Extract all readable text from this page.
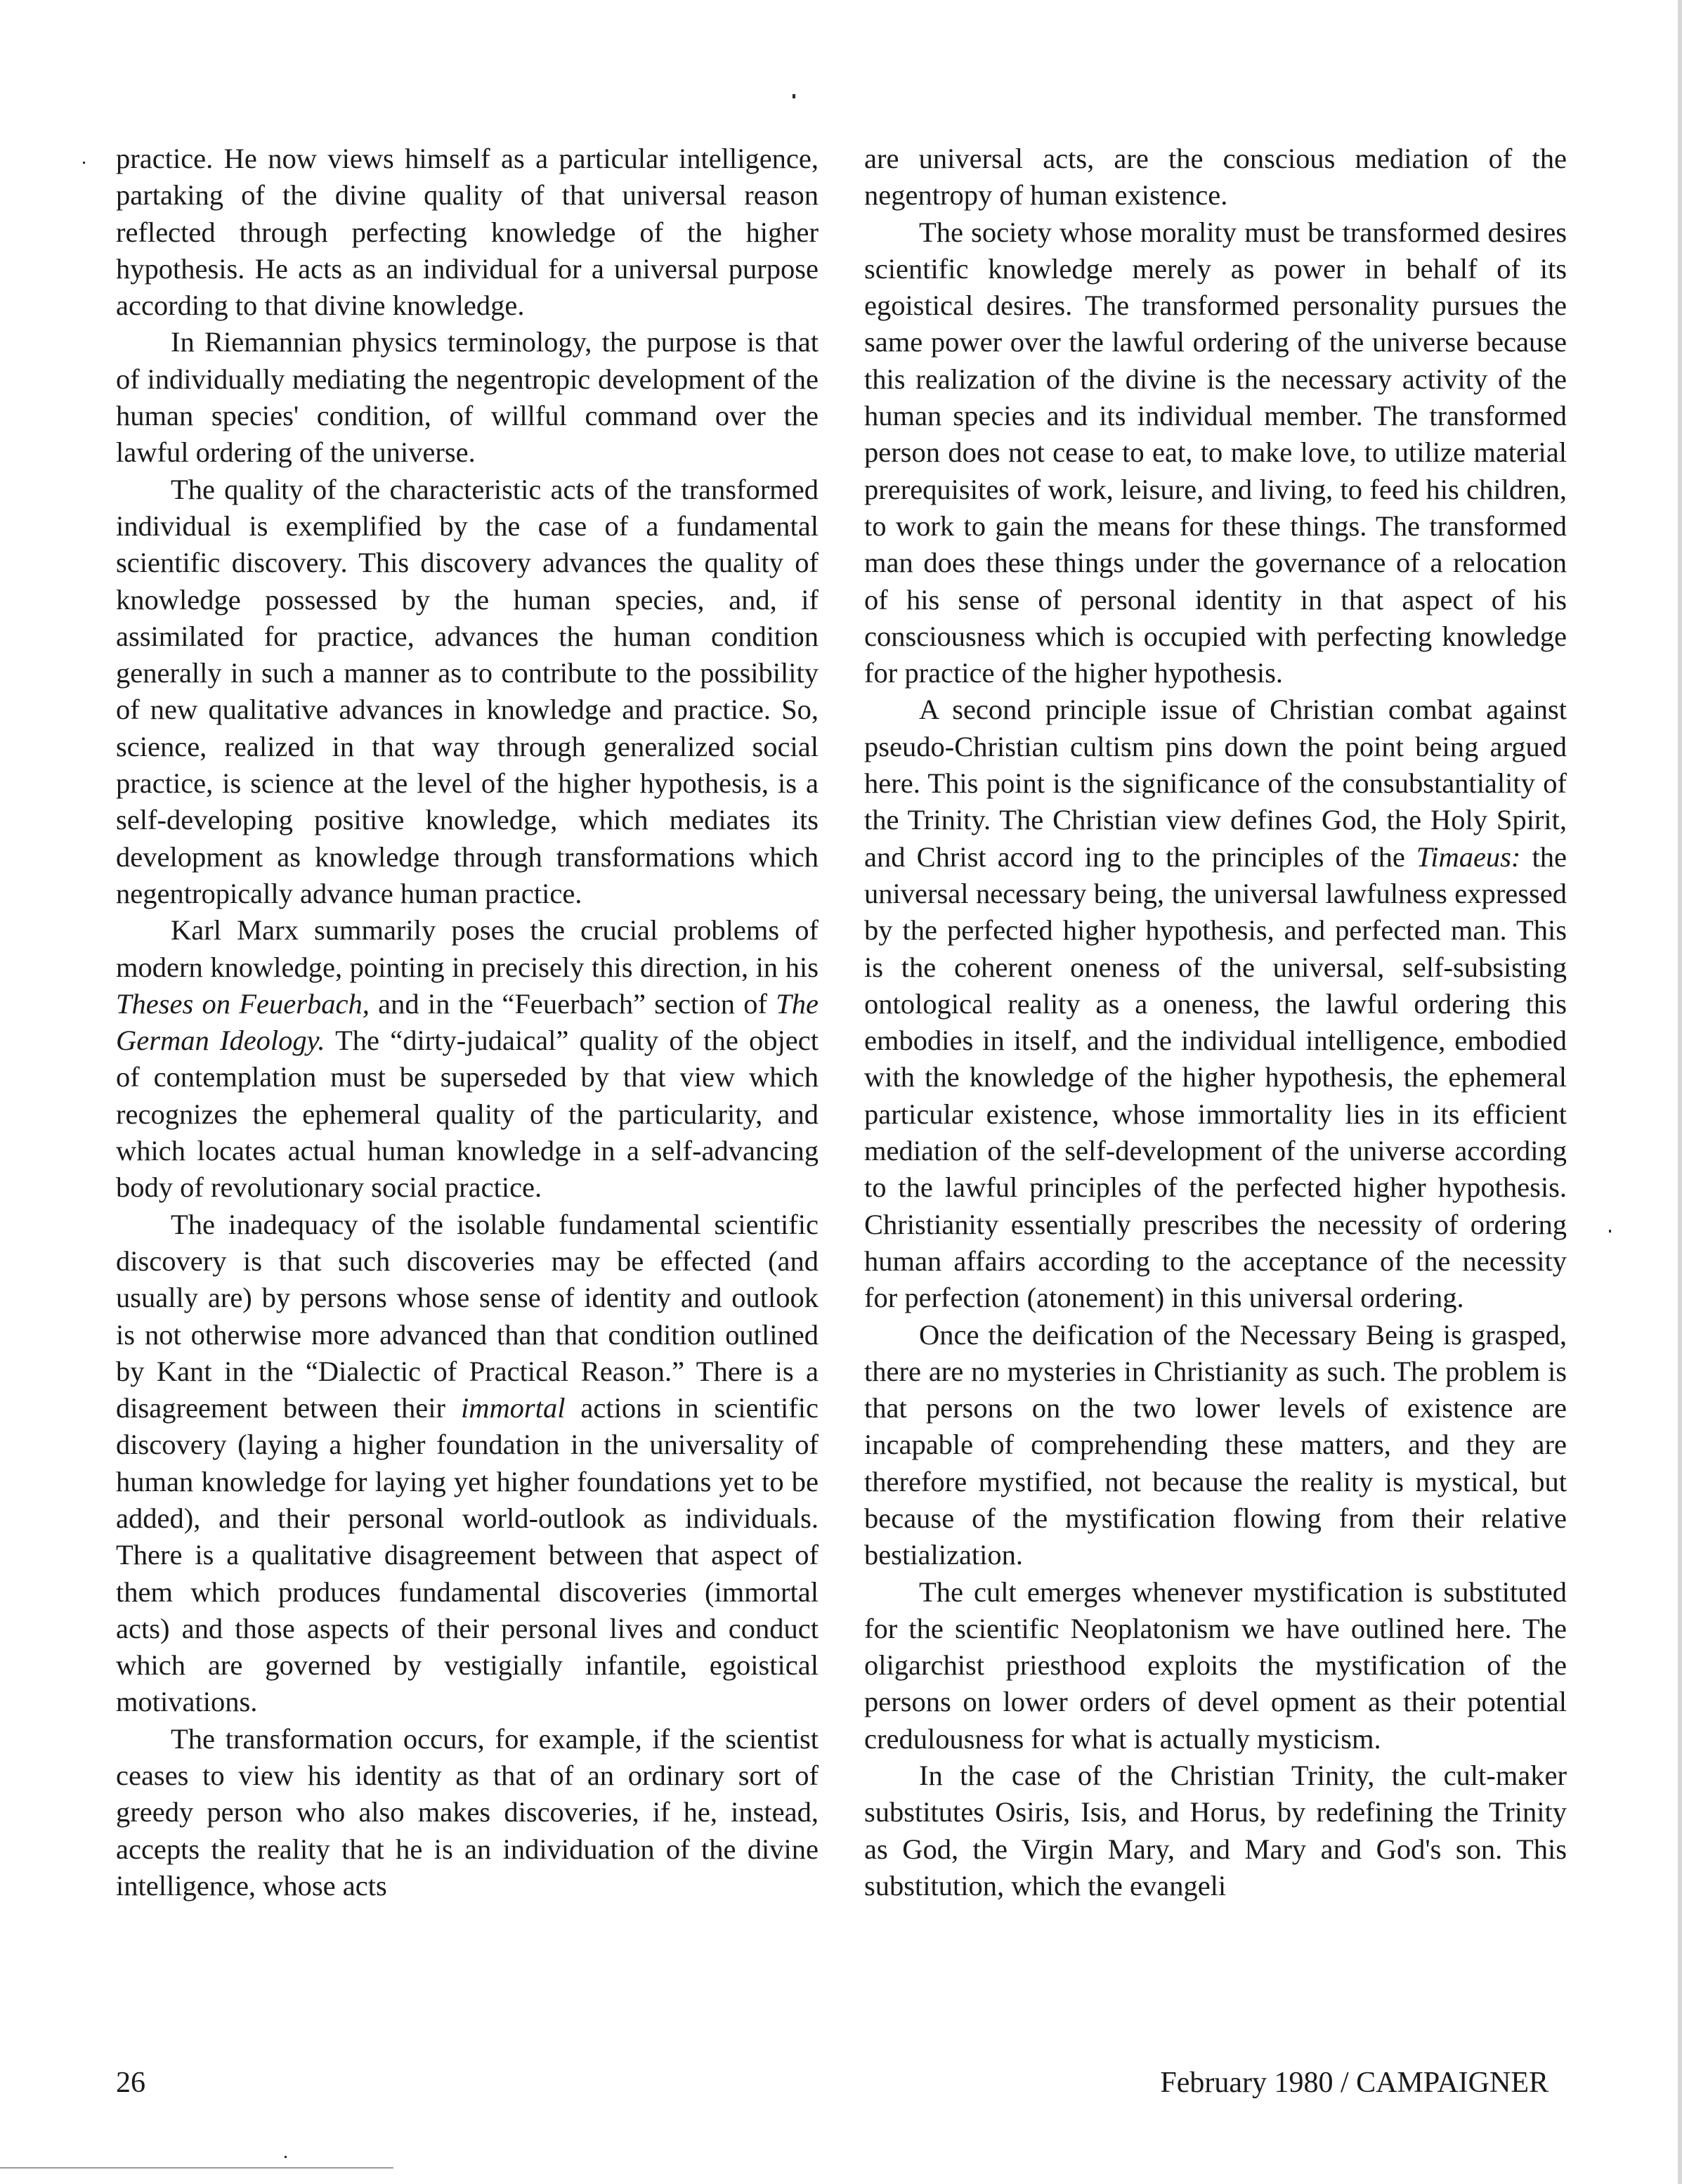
practice. He now views himself as a particular intelligence, partaking of the divine quality of that universal reason reflected through perfecting knowledge of the higher hypothesis. He acts as an individual for a universal purpose according to that divine knowledge.

In Riemannian physics terminology, the purpose is that of individually mediating the negentropic development of the human species' condition, of willful command over the lawful ordering of the universe.

The quality of the characteristic acts of the transformed individual is exemplified by the case of a fundamental scientific discovery. This discovery advances the quality of knowledge possessed by the human species, and, if assimilated for practice, advances the human condition generally in such a manner as to contribute to the possibility of new qualitative advances in knowledge and practice. So, science, realized in that way through generalized social practice, is science at the level of the higher hypothesis, is a self-developing positive knowledge, which mediates its development as knowledge through transformations which negentropically advance human practice.

Karl Marx summarily poses the crucial problems of modern knowledge, pointing in precisely this direction, in his Theses on Feuerbach, and in the “Feuerbach” section of The German Ideology. The “dirty-judaical” quality of the object of contemplation must be superseded by that view which recognizes the ephemeral quality of the particularity, and which locates actual human knowledge in a self-advancing body of revolutionary social practice.

The inadequacy of the isolable fundamental scientific discovery is that such discoveries may be effected (and usually are) by persons whose sense of identity and outlook is not otherwise more advanced than that condition outlined by Kant in the “Dialectic of Practical Reason.” There is a disagreement between their immortal actions in scientific discovery (laying a higher foundation in the universality of human knowledge for laying yet higher foundations yet to be added), and their personal world-outlook as individuals. There is a qualitative disagreement between that aspect of them which produces fundamental discoveries (immortal acts) and those aspects of their personal lives and conduct which are governed by vestigially infantile, egoistical motivations.

The transformation occurs, for example, if the scientist ceases to view his identity as that of an ordinary sort of greedy person who also makes discoveries, if he, instead, accepts the reality that he is an individuation of the divine intelligence, whose acts

are universal acts, are the conscious mediation of the negentropy of human existence.

The society whose morality must be transformed desires scientific knowledge merely as power in behalf of its egoistical desires. The transformed personality pursues the same power over the lawful ordering of the universe because this realization of the divine is the necessary activity of the human species and its individual member. The transformed person does not cease to eat, to make love, to utilize material prerequisites of work, leisure, and living, to feed his children, to work to gain the means for these things. The transformed man does these things under the governance of a relocation of his sense of personal identity in that aspect of his consciousness which is occupied with perfecting knowledge for practice of the higher hypothesis.

A second principle issue of Christian combat against pseudo-Christian cultism pins down the point being argued here. This point is the significance of the consubstantiality of the Trinity. The Christian view defines God, the Holy Spirit, and Christ accord ing to the principles of the Timaeus: the universal necessary being, the universal lawfulness expressed by the perfected higher hypothesis, and perfected man. This is the coherent oneness of the universal, self-subsisting ontological reality as a oneness, the lawful ordering this embodies in itself, and the individual intelligence, embodied with the knowledge of the higher hypothesis, the ephemeral particular existence, whose immortality lies in its efficient mediation of the self-development of the universe according to the lawful principles of the perfected higher hypothesis. Christianity essentially prescribes the necessity of ordering human affairs according to the acceptance of the necessity for perfection (atonement) in this universal ordering.

Once the deification of the Necessary Being is grasped, there are no mysteries in Christianity as such. The problem is that persons on the two lower levels of existence are incapable of comprehending these matters, and they are therefore mystified, not because the reality is mystical, but because of the mystification flowing from their relative bestialization.

The cult emerges whenever mystification is substituted for the scientific Neoplatonism we have outlined here. The oligarchist priesthood exploits the mystification of the persons on lower orders of devel opment as their potential credulousness for what is actually mysticism.

In the case of the Christian Trinity, the cult-maker substitutes Osiris, Isis, and Horus, by redefining the Trinity as God, the Virgin Mary, and Mary and God's son. This substitution, which the evangeli

26	February 1980 / CAMPAIGNER
